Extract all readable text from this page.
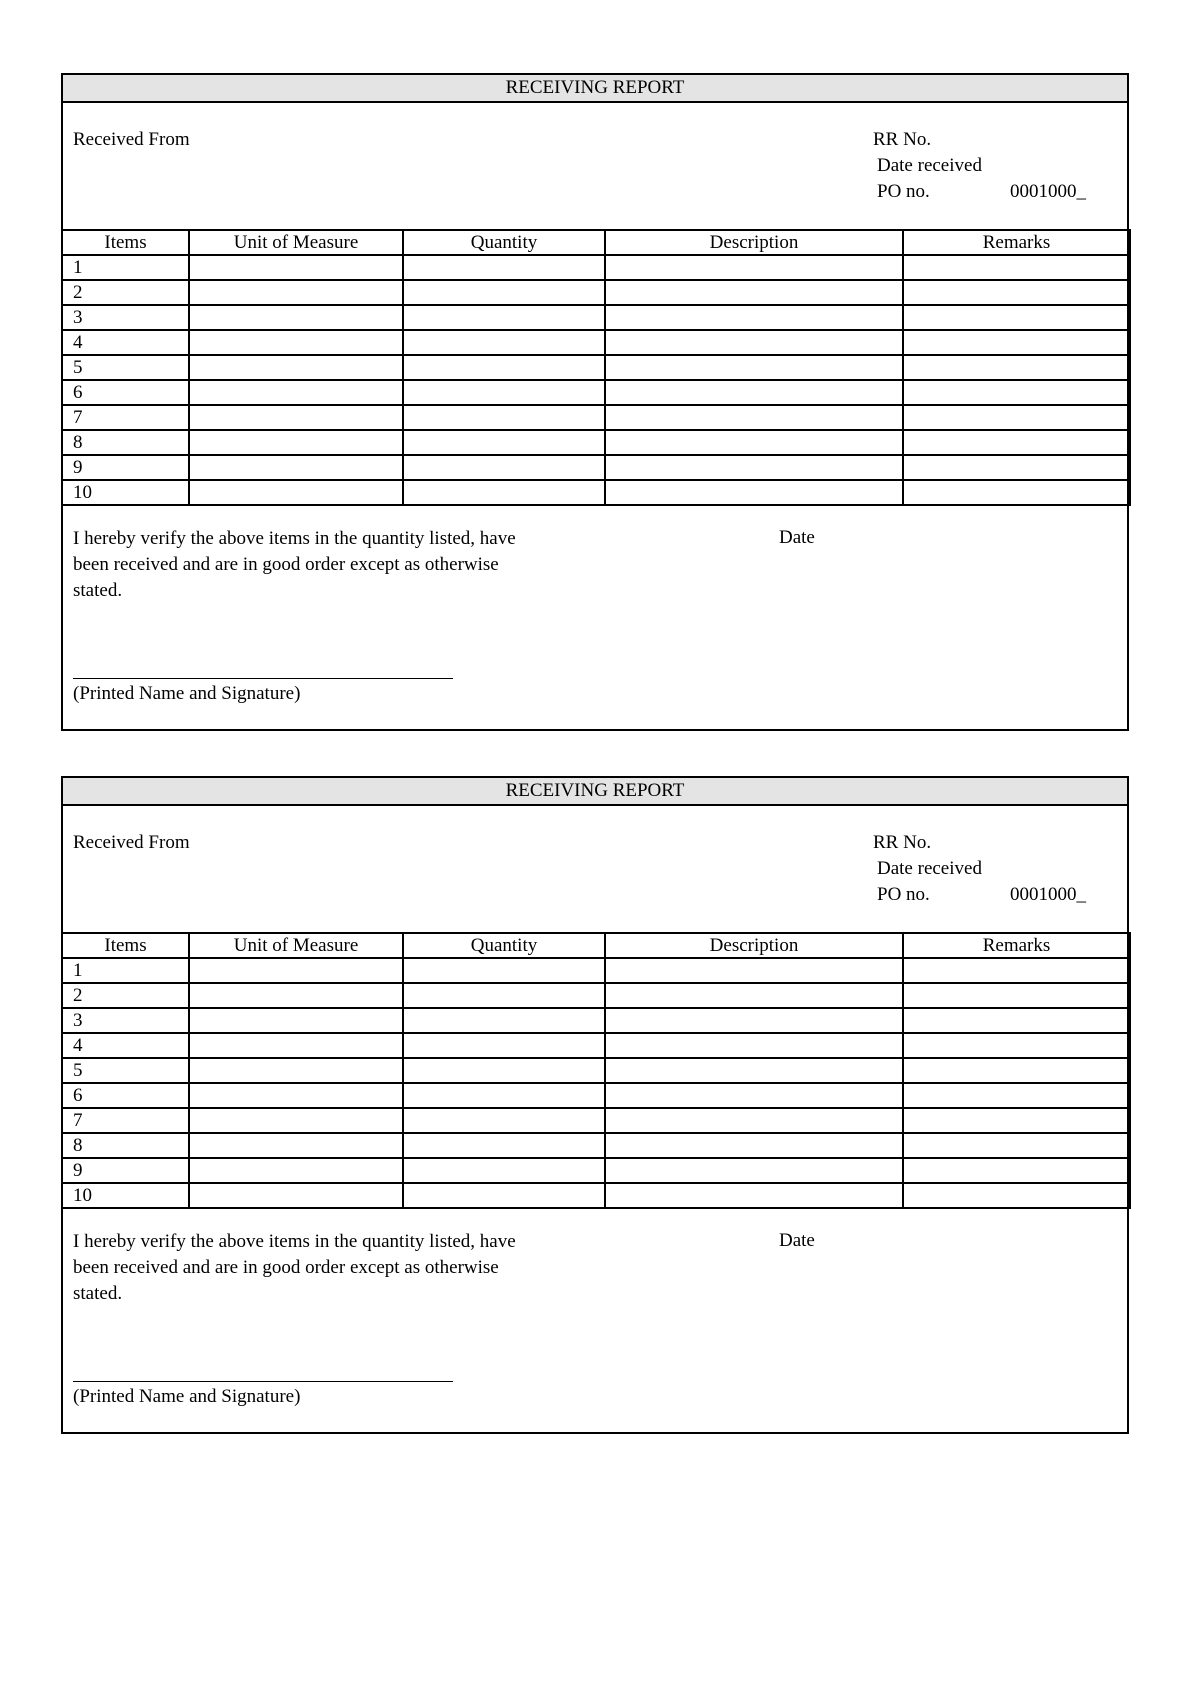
RECEIVING REPORT
Received From	RR No.
Date received
PO no.	0001000_
Items	Unit of Measure	Quantity	Description	Remarks
1				
2				
3				
4				
5				
6				
7				
8				
9				
10				
I hereby verify the above items in the quantity listed, have been received and are in good order except as otherwise stated.
Date
(Printed Name and Signature)
RECEIVING REPORT
Received From	RR No.
Date received
PO no.	0001000_
Items	Unit of Measure	Quantity	Description	Remarks
1				
2				
3				
4				
5				
6				
7				
8				
9				
10				
I hereby verify the above items in the quantity listed, have been received and are in good order except as otherwise stated.
Date
(Printed Name and Signature)
